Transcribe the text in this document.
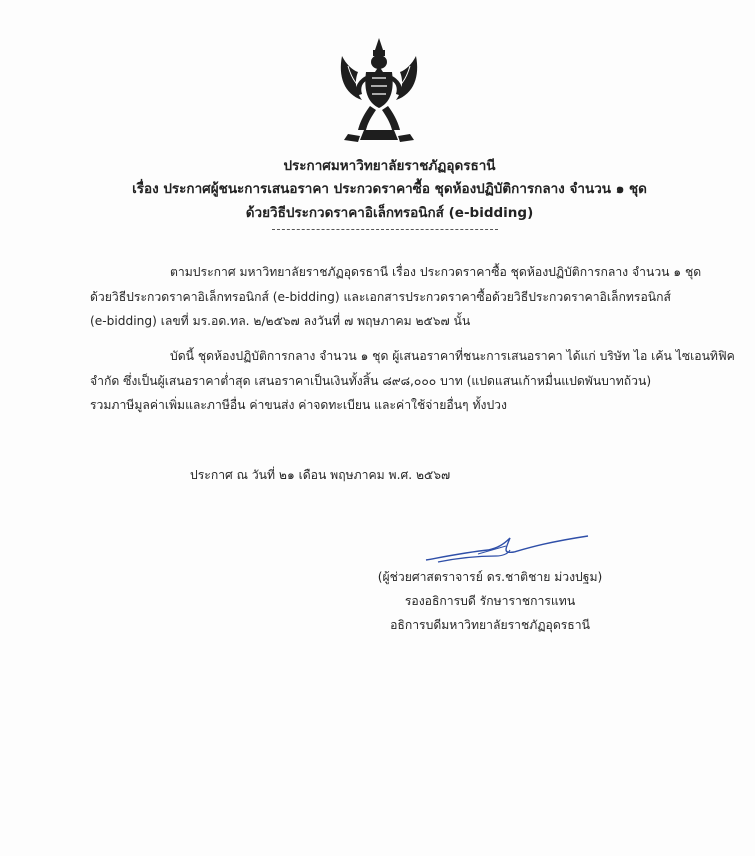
ประกาศมหาวิทยาลัยราชภัฏอุดรธานี
เรื่อง ประกาศผู้ชนะการเสนอราคา ประกวดราคาซื้อ ชุดห้องปฏิบัติการกลาง จำนวน ๑ ชุด
ด้วยวิธีประกวดราคาอิเล็กทรอนิกส์ (e-bidding)
ตามประกาศ มหาวิทยาลัยราชภัฏอุดรธานี เรื่อง ประกวดราคาซื้อ ชุดห้องปฏิบัติการกลาง จำนวน ๑ ชุด
ด้วยวิธีประกวดราคาอิเล็กทรอนิกส์ (e-bidding) และเอกสารประกวดราคาซื้อด้วยวิธีประกวดราคาอิเล็กทรอนิกส์
(e-bidding) เลขที่ มร.อด.ทล. ๒/๒๕๖๗ ลงวันที่ ๗ พฤษภาคม ๒๕๖๗ นั้น
บัดนี้ ชุดห้องปฏิบัติการกลาง จำนวน ๑ ชุด ผู้เสนอราคาที่ชนะการเสนอราคา ได้แก่ บริษัท ไอ เค้น ไซเอนทิฟิค
จำกัด ซึ่งเป็นผู้เสนอราคาต่ำสุด เสนอราคาเป็นเงินทั้งสิ้น ๘๙๘,๐๐๐ บาท (แปดแสนเก้าหมื่นแปดพันบาทถ้วน)
รวมภาษีมูลค่าเพิ่มและภาษีอื่น ค่าขนส่ง ค่าจดทะเบียน และค่าใช้จ่ายอื่นๆ ทั้งปวง
ประกาศ ณ วันที่ ๒๑ เดือน พฤษภาคม พ.ศ. ๒๕๖๗
(ผู้ช่วยศาสตราจารย์ ดร.ชาติชาย ม่วงปฐม)
รองอธิการบดี รักษาราชการแทน
อธิการบดีมหาวิทยาลัยราชภัฏอุดรธานี
